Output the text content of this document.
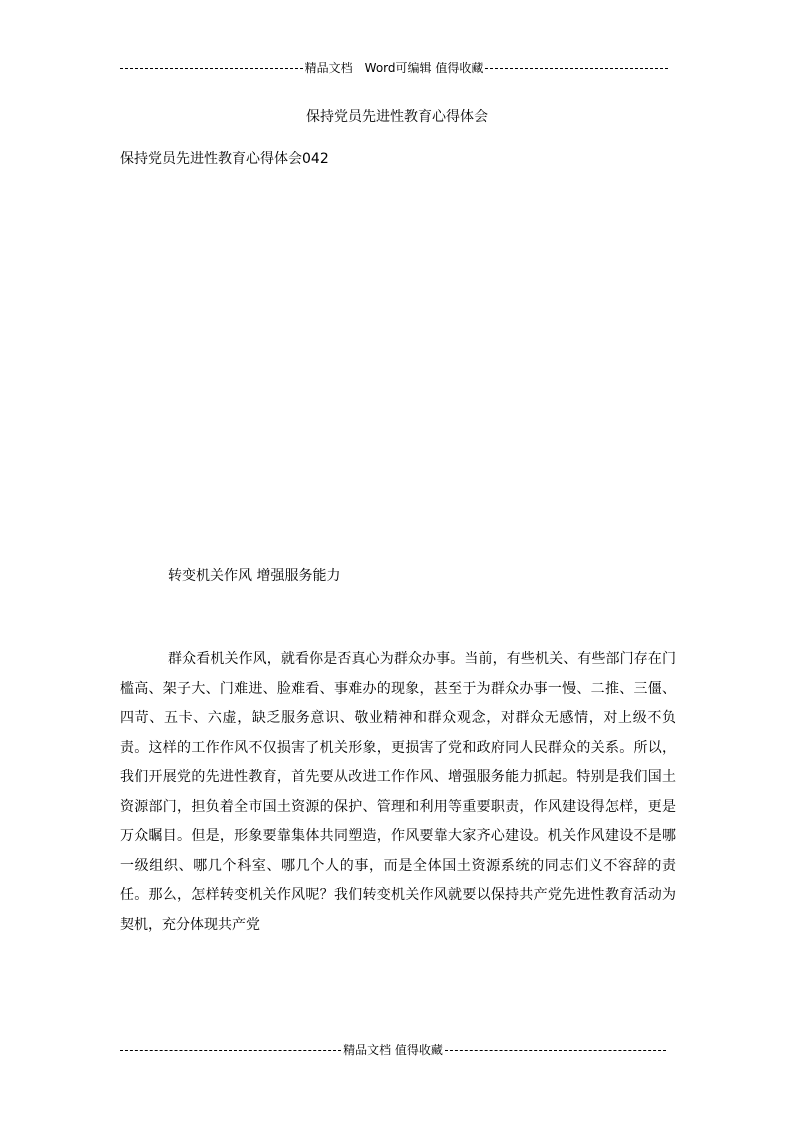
精品文档　Word可编辑 值得收藏
保持党员先进性教育心得体会
保持党员先进性教育心得体会042
转变机关作风 增强服务能力

群众看机关作风，就看你是否真心为群众办事。当前，有些机关、有些部门存在门槛高、架子大、门难进、脸难看、事难办的现象，甚至于为群众办事一慢、二推、三僵、四苛、五卡、六虚，缺乏服务意识、敬业精神和群众观念，对群众无感情，对上级不负责。这样的工作作风不仅损害了机关形象，更损害了党和政府同人民群众的关系。所以，我们开展党的先进性教育，首先要从改进工作作风、增强服务能力抓起。特别是我们国土资源部门，担负着全市国土资源的保护、管理和利用等重要职责，作风建设得怎样，更是万众瞩目。但是，形象要靠集体共同塑造，作风要靠大家齐心建设。机关作风建设不是哪一级组织、哪几个科室、哪几个人的事，而是全体国土资源系统的同志们义不容辞的责任。那么，怎样转变机关作风呢？我们转变机关作风就要以保持共产党先进性教育活动为契机，充分体现共产党

精品文档 值得收藏
